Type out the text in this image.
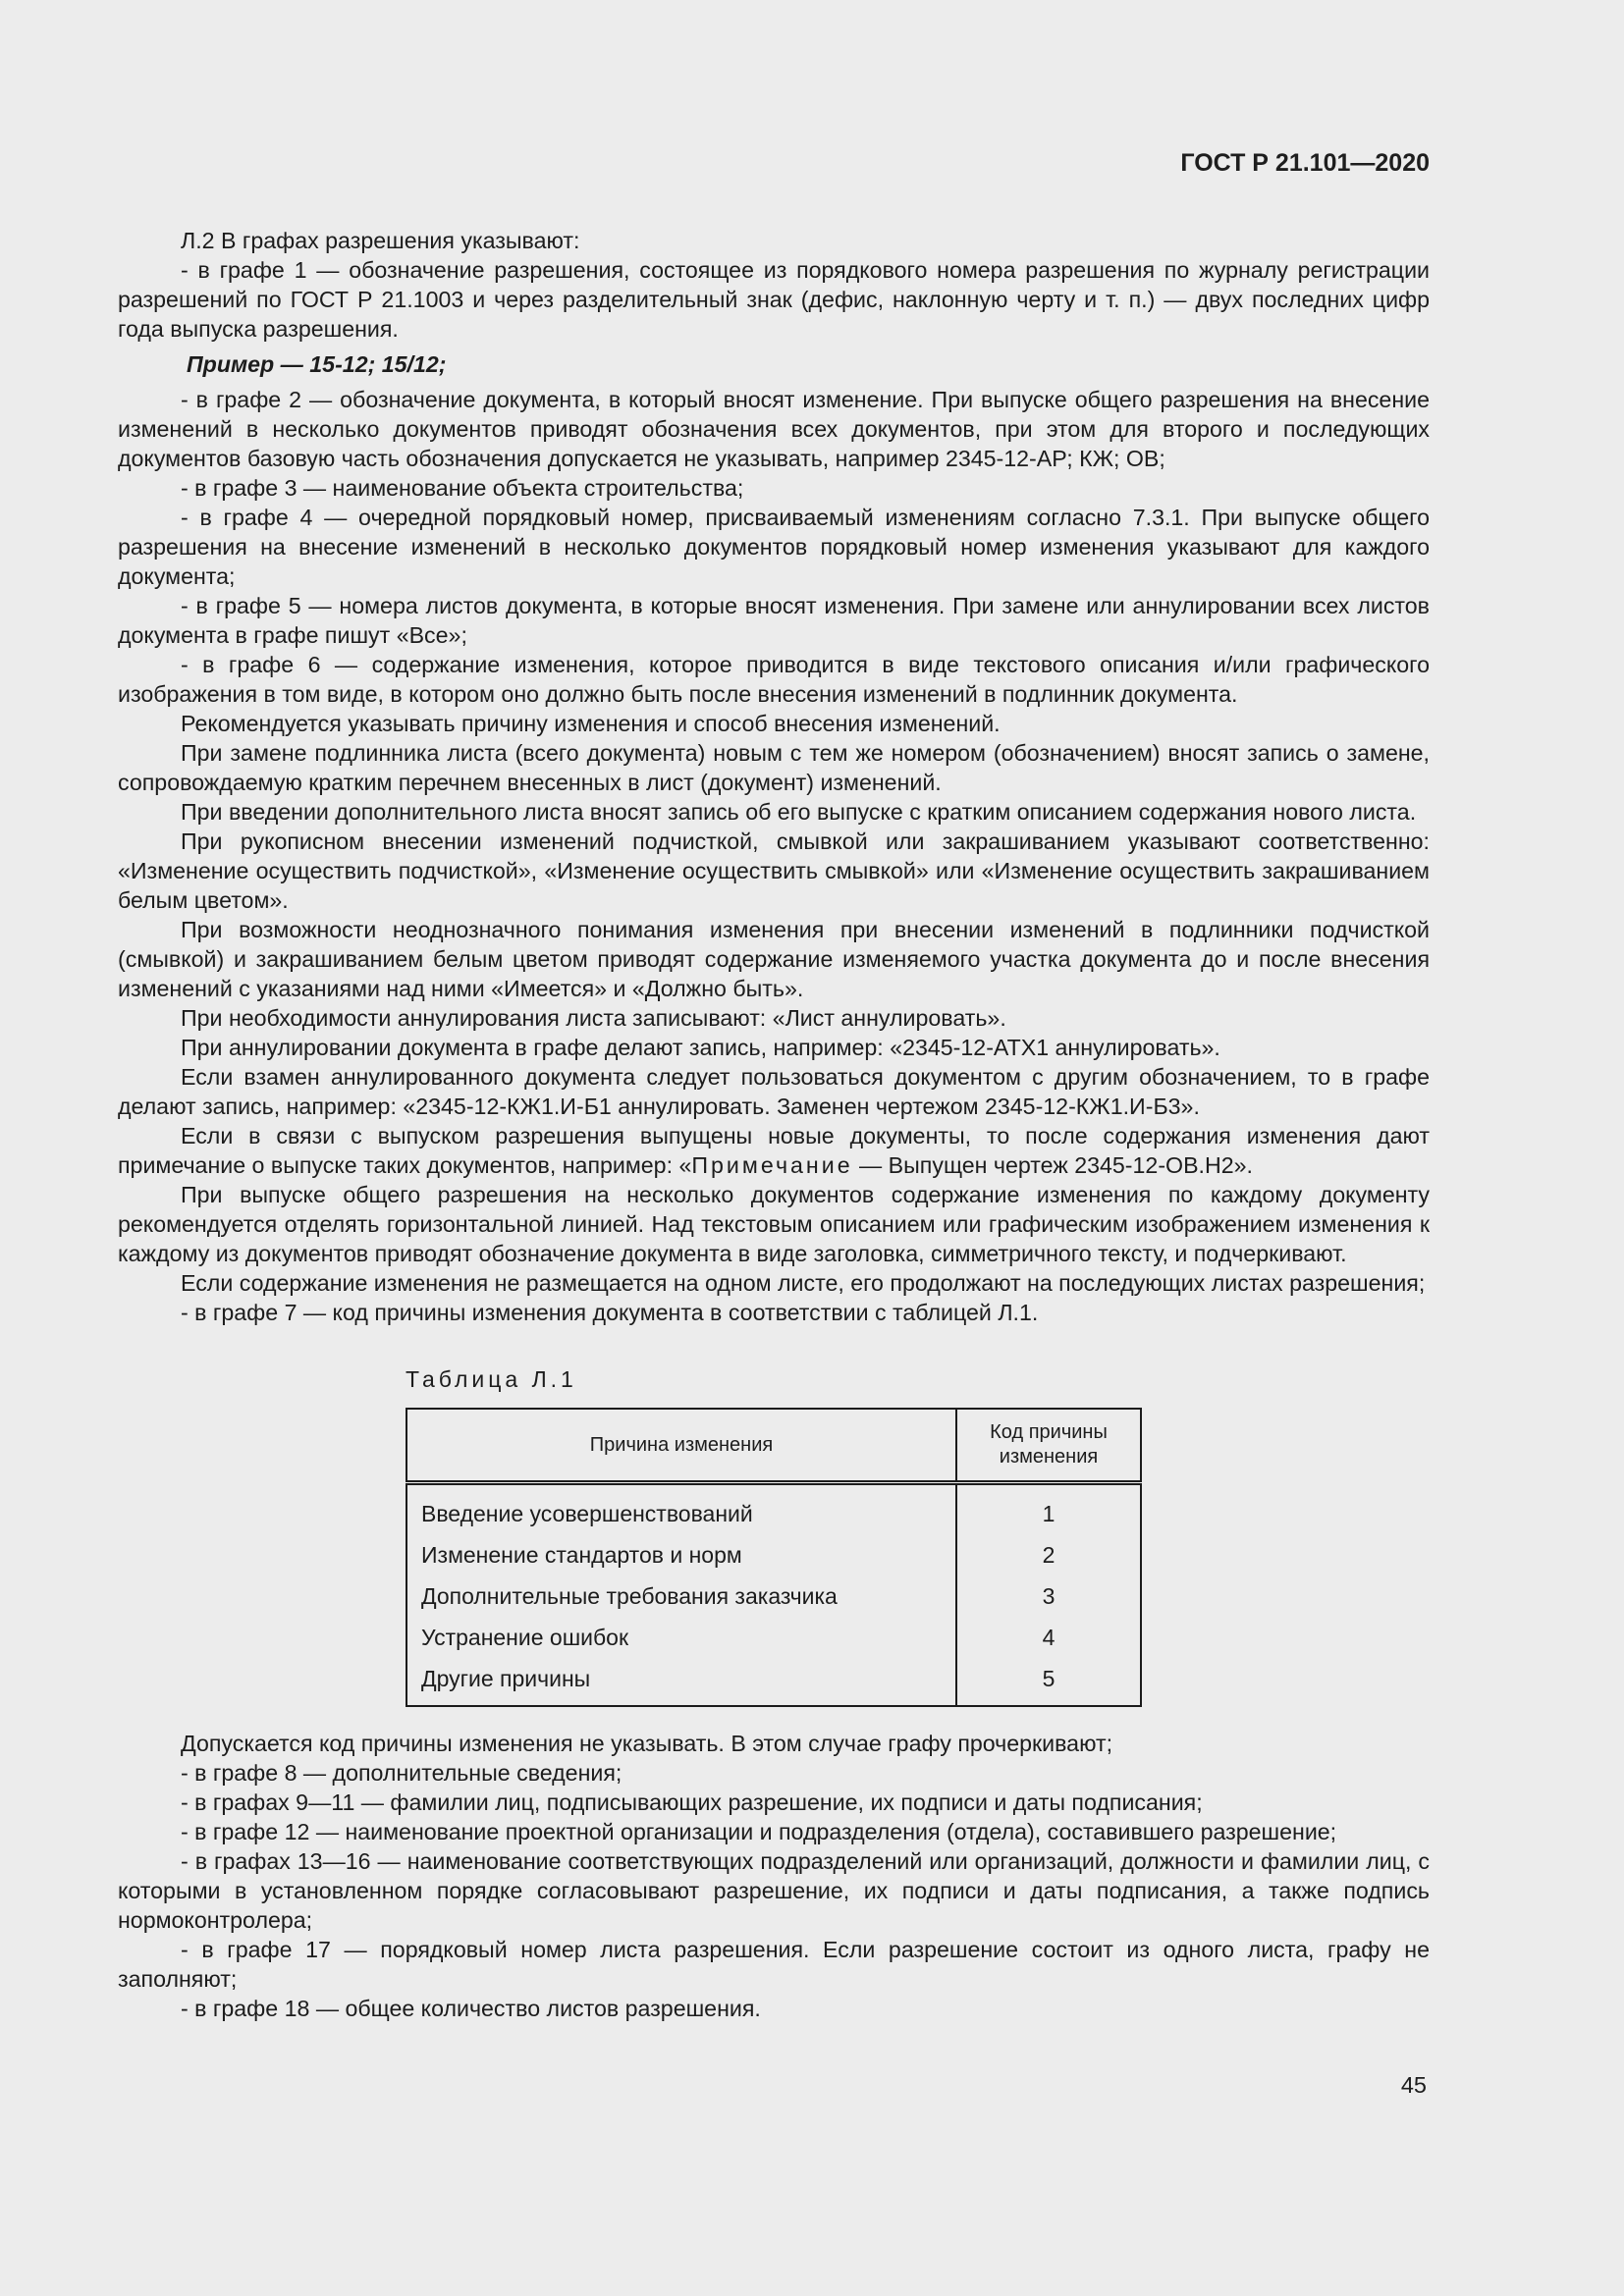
ГОСТ Р 21.101—2020

Л.2 В графах разрешения указывают:

- в графе 1 — обозначение разрешения, состоящее из порядкового номера разрешения по журналу регистрации разрешений по ГОСТ Р 21.1003 и через разделительный знак (дефис, наклонную черту и т. п.) — двух последних цифр года выпуска разрешения.

Пример — 15-12; 15/12;

- в графе 2 — обозначение документа, в который вносят изменение. При выпуске общего разрешения на внесение изменений в несколько документов приводят обозначения всех документов, при этом для второго и последующих документов базовую часть обозначения допускается не указывать, например 2345-12-АР; КЖ; ОВ;

- в графе 3 — наименование объекта строительства;

- в графе 4 — очередной порядковый номер, присваиваемый изменениям согласно 7.3.1. При выпуске общего разрешения на внесение изменений в несколько документов порядковый номер изменения указывают для каждого документа;

- в графе 5 — номера листов документа, в которые вносят изменения. При замене или аннулировании всех листов документа в графе пишут «Все»;

- в графе 6 — содержание изменения, которое приводится в виде текстового описания и/или графического изображения в том виде, в котором оно должно быть после внесения изменений в подлинник документа.

Рекомендуется указывать причину изменения и способ внесения изменений.

При замене подлинника листа (всего документа) новым с тем же номером (обозначением) вносят запись о замене, сопровождаемую кратким перечнем внесенных в лист (документ) изменений.

При введении дополнительного листа вносят запись об его выпуске с кратким описанием содержания нового листа.

При рукописном внесении изменений подчисткой, смывкой или закрашиванием указывают соответственно: «Изменение осуществить подчисткой», «Изменение осуществить смывкой» или «Изменение осуществить закрашиванием белым цветом».

При возможности неоднозначного понимания изменения при внесении изменений в подлинники подчисткой (смывкой) и закрашиванием белым цветом приводят содержание изменяемого участка документа до и после внесения изменений с указаниями над ними «Имеется» и «Должно быть».

При необходимости аннулирования листа записывают: «Лист аннулировать».

При аннулировании документа в графе делают запись, например: «2345-12-АТХ1 аннулировать».

Если взамен аннулированного документа следует пользоваться документом с другим обозначением, то в графе делают запись, например: «2345-12-КЖ1.И-Б1 аннулировать. Заменен чертежом 2345-12-КЖ1.И-Б3».

Если в связи с выпуском разрешения выпущены новые документы, то после содержания изменения дают примечание о выпуске таких документов, например: «Примечание — Выпущен чертеж 2345-12-ОВ.Н2».

При выпуске общего разрешения на несколько документов содержание изменения по каждому документу рекомендуется отделять горизонтальной линией. Над текстовым описанием или графическим изображением изменения к каждому из документов приводят обозначение документа в виде заголовка, симметричного тексту, и подчеркивают.

Если содержание изменения не размещается на одном листе, его продолжают на последующих листах разрешения;

- в графе 7 — код причины изменения документа в соответствии с таблицей Л.1.

Таблица Л.1
Причина изменения	Код причины изменения
Введение усовершенствований	1
Изменение стандартов и норм	2
Дополнительные требования заказчика	3
Устранение ошибок	4
Другие причины	5

Допускается код причины изменения не указывать. В этом случае графу прочеркивают;

- в графе 8 — дополнительные сведения;

- в графах 9—11 — фамилии лиц, подписывающих разрешение, их подписи и даты подписания;

- в графе 12 — наименование проектной организации и подразделения (отдела), составившего разрешение;

- в графах 13—16 — наименование соответствующих подразделений или организаций, должности и фамилии лиц, с которыми в установленном порядке согласовывают разрешение, их подписи и даты подписания, а также подпись нормоконтролера;

- в графе 17 — порядковый номер листа разрешения. Если разрешение состоит из одного листа, графу не заполняют;

- в графе 18 — общее количество листов разрешения.

45
